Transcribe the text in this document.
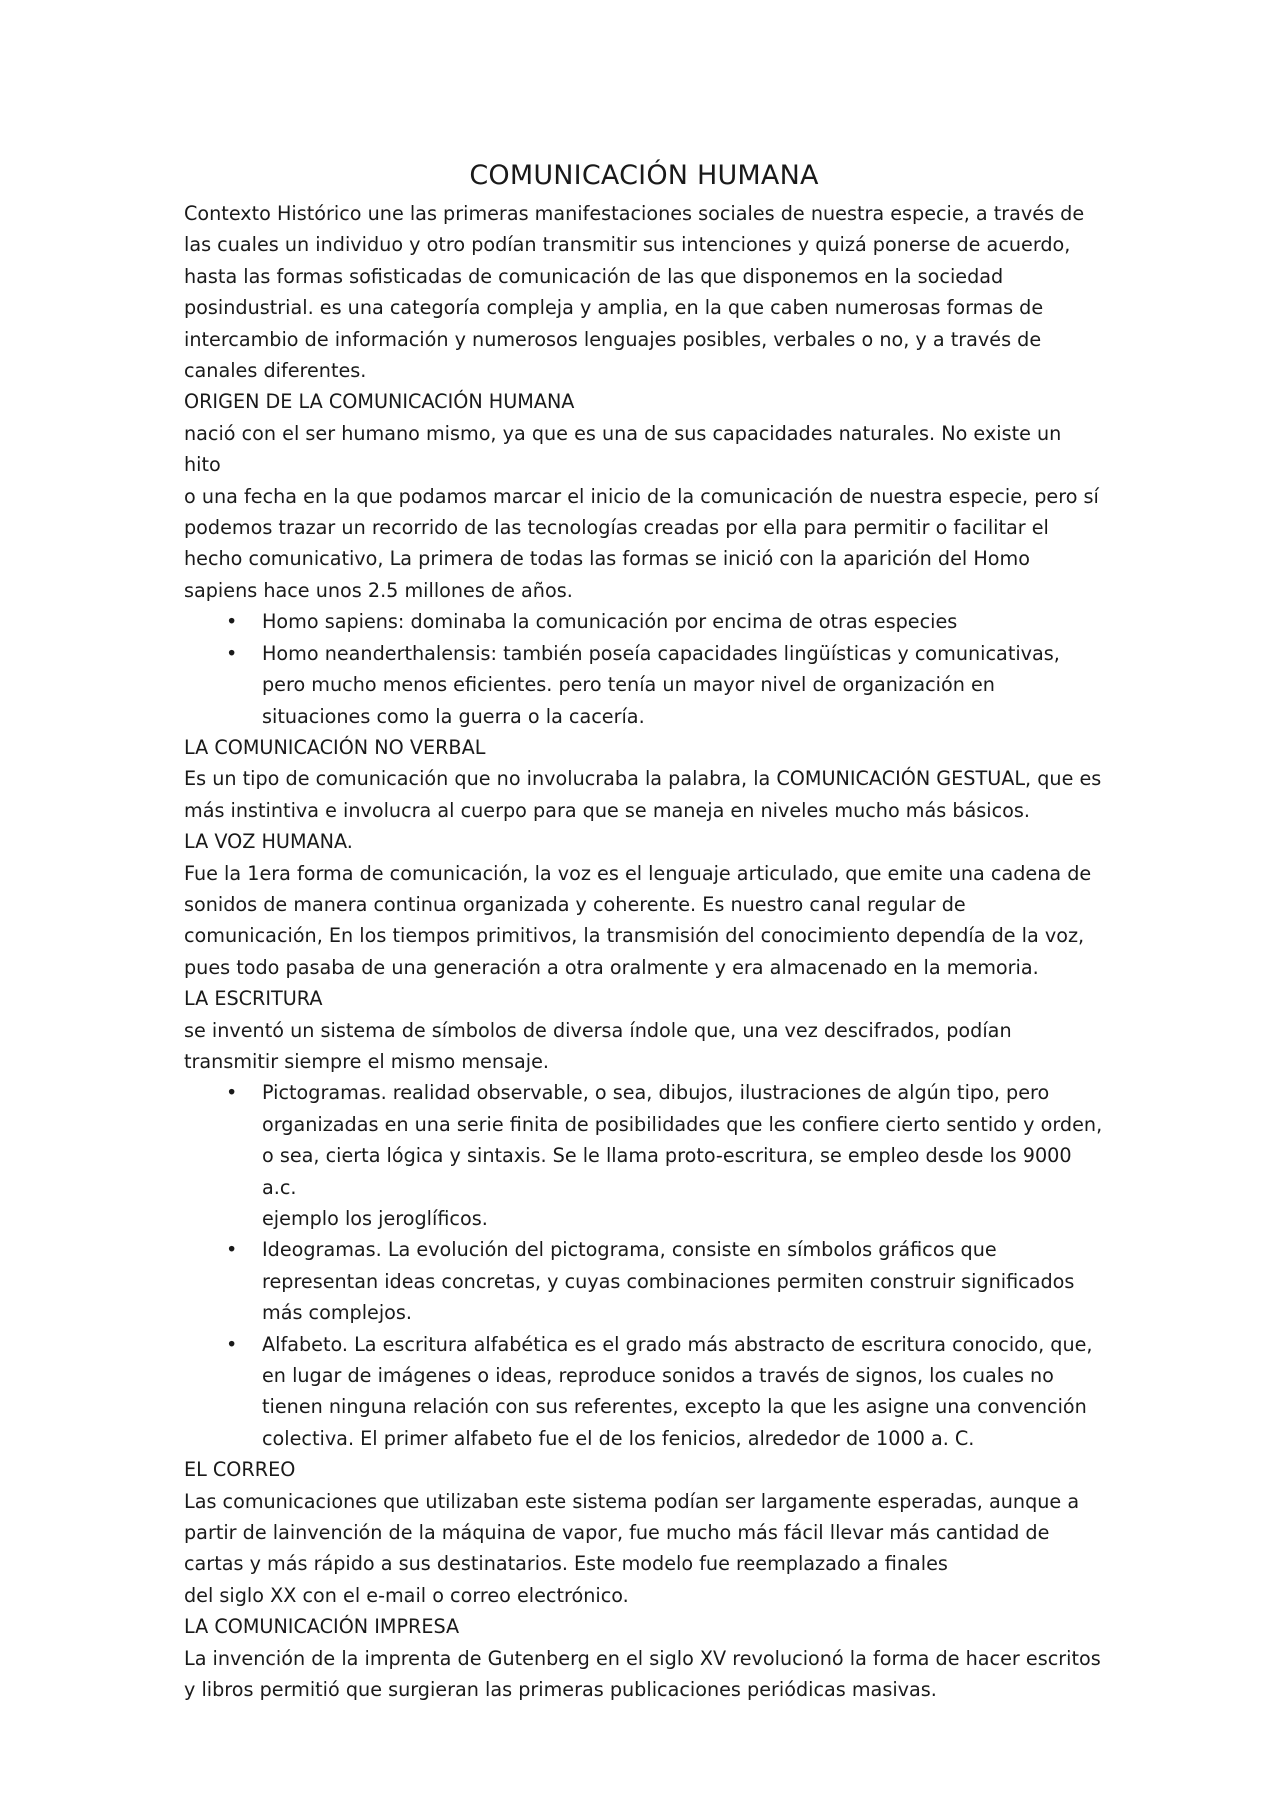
COMUNICACIÓN HUMANA

Contexto Histórico une las primeras manifestaciones sociales de nuestra especie, a través de
las cuales un individuo y otro podían transmitir sus intenciones y quizá ponerse de acuerdo,
hasta las formas sofisticadas de comunicación de las que disponemos en la sociedad
posindustrial. es una categoría compleja y amplia, en la que caben numerosas formas de
intercambio de información y numerosos lenguajes posibles, verbales o no, y a través de
canales diferentes.

ORIGEN DE LA COMUNICACIÓN HUMANA

nació con el ser humano mismo, ya que es una de sus capacidades naturales. No existe un hito
o una fecha en la que podamos marcar el inicio de la comunicación de nuestra especie, pero sí
podemos trazar un recorrido de las tecnologías creadas por ella para permitir o facilitar el
hecho comunicativo, La primera de todas las formas se inició con la aparición del Homo
sapiens hace unos 2.5 millones de años.

• Homo sapiens: dominaba la comunicación por encima de otras especies

• Homo neanderthalensis: también poseía capacidades lingüísticas y comunicativas,
pero mucho menos eficientes. pero tenía un mayor nivel de organización en
situaciones como la guerra o la cacería.

LA COMUNICACIÓN NO VERBAL

Es un tipo de comunicación que no involucraba la palabra, la COMUNICACIÓN GESTUAL, que es
más instintiva e involucra al cuerpo para que se maneja en niveles mucho más básicos.

LA VOZ HUMANA.

Fue la 1era forma de comunicación, la voz es el lenguaje articulado, que emite una cadena de
sonidos de manera continua organizada y coherente. Es nuestro canal regular de
comunicación, En los tiempos primitivos, la transmisión del conocimiento dependía de la voz,
pues todo pasaba de una generación a otra oralmente y era almacenado en la memoria.

LA ESCRITURA

se inventó un sistema de símbolos de diversa índole que, una vez descifrados, podían
transmitir siempre el mismo mensaje.

• Pictogramas. realidad observable, o sea, dibujos, ilustraciones de algún tipo, pero
organizadas en una serie finita de posibilidades que les confiere cierto sentido y orden,
o sea, cierta lógica y sintaxis. Se le llama proto-escritura, se empleo desde los 9000 a.c.
ejemplo los jeroglíficos.

• Ideogramas. La evolución del pictograma, consiste en símbolos gráficos que
representan ideas concretas, y cuyas combinaciones permiten construir significados
más complejos.

• Alfabeto. La escritura alfabética es el grado más abstracto de escritura conocido, que,
en lugar de imágenes o ideas, reproduce sonidos a través de signos, los cuales no
tienen ninguna relación con sus referentes, excepto la que les asigne una convención
colectiva. El primer alfabeto fue el de los fenicios, alrededor de 1000 a. C.

EL CORREO

Las comunicaciones que utilizaban este sistema podían ser largamente esperadas, aunque a
partir de lainvención de la máquina de vapor, fue mucho más fácil llevar más cantidad de
cartas y más rápido a sus destinatarios. Este modelo fue reemplazado a finales
del siglo XX con el e-mail o correo electrónico.

LA COMUNICACIÓN IMPRESA

La invención de la imprenta de Gutenberg en el siglo XV revolucionó la forma de hacer escritos
y libros permitió que surgieran las primeras publicaciones periódicas masivas.
